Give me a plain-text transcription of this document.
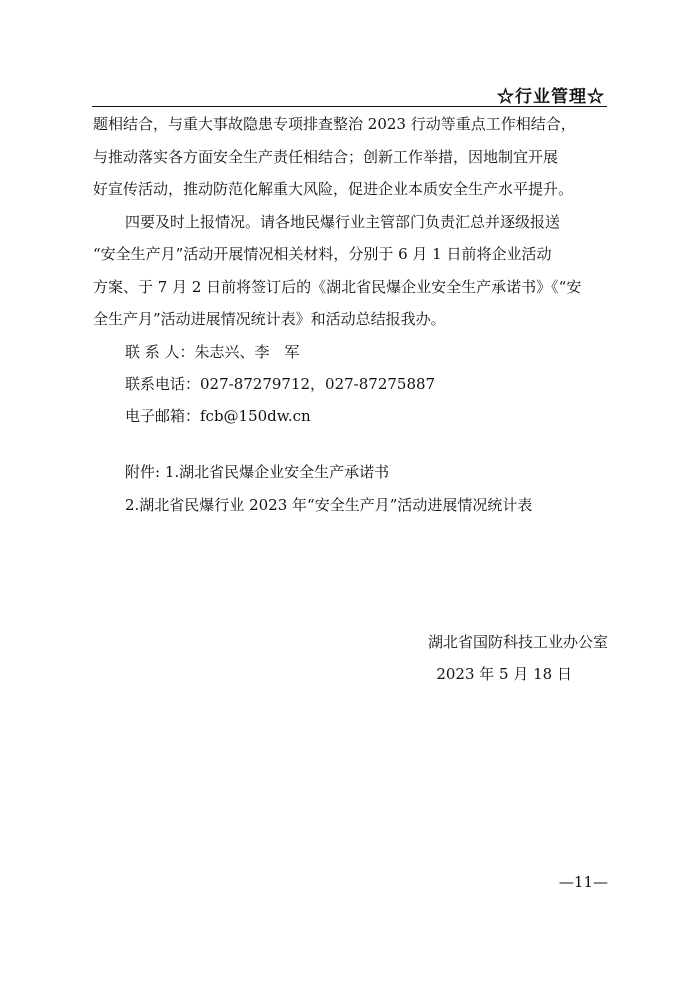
☆行业管理☆
题相结合，与重大事故隐患专项排查整治 2023 行动等重点工作相结合，
与推动落实各方面安全生产责任相结合；创新工作举措，因地制宜开展
好宣传活动，推动防范化解重大风险，促进企业本质安全生产水平提升。
四要及时上报情况。请各地民爆行业主管部门负责汇总并逐级报送
“安全生产月”活动开展情况相关材料，分别于 6 月 1 日前将企业活动
方案、于 7 月 2 日前将签订后的《湖北省民爆企业安全生产承诺书》《“安
全生产月”活动进展情况统计表》和活动总结报我办。
联 系 人：朱志兴、李　军
联系电话：027-87279712，027-87275887
电子邮箱：fcb@150dw.cn
附件: 1.湖北省民爆企业安全生产承诺书
2.湖北省民爆行业 2023 年“安全生产月”活动进展情况统计表
湖北省国防科技工业办公室
2023 年 5 月 18 日
—11—
